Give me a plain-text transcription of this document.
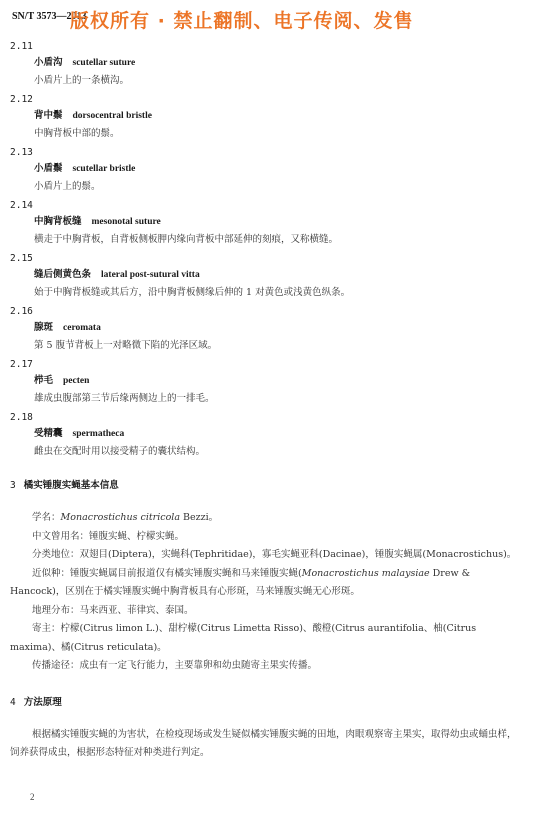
SN/T 3573—2013
版权所有 · 禁止翻制、电子传阅、发售
2.11
小盾沟 scutellar suture
小盾片上的一条横沟。
2.12
背中鬃 dorsocentral bristle
中胸背板中部的鬃。
2.13
小盾鬃 scutellar bristle
小盾片上的鬃。
2.14
中胸背板缝 mesonotal suture
横走于中胸背板，自背板侧板胛内缘向背板中部延伸的刻痕，又称横缝。
2.15
缝后侧黄色条 lateral post-sutural vitta
始于中胸背板缝或其后方，沿中胸背板侧缘后伸的 1 对黄色或浅黄色纵条。
2.16
腺斑 ceromata
第 5 腹节背板上一对略微下陷的光泽区域。
2.17
栉毛 pecten
雄成虫腹部第三节后缘两侧边上的一排毛。
2.18
受精囊 spermatheca
雌虫在交配时用以接受精子的囊状结构。
3 橘实锤腹实蝇基本信息

学名：Monacrostichus citricola Bezzi。

中文曾用名：锤腹实蝇、柠檬实蝇。

分类地位：双翅目(Diptera)，实蝇科(Tephritidae)，寡毛实蝇亚科(Dacinae)，锤腹实蝇属(Monacrostichus)。

近似种：锤腹实蝇属目前报道仅有橘实锤腹实蝇和马来锤腹实蝇(Monacrostichus malaysiae Drew & Hancock)，区别在于橘实锤腹实蝇中胸背板具有心形斑，马来锤腹实蝇无心形斑。

地理分布：马来西亚、菲律宾、泰国。

寄主：柠檬(Citrus limon L.)、甜柠檬(Citrus Limetta Risso)、酸橙(Citrus aurantifolia、柚(Citrus maxima)、橘(Citrus reticulata)。

传播途径：成虫有一定飞行能力，主要靠卵和幼虫随寄主果实传播。

4 方法原理

根据橘实锤腹实蝇的为害状，在检疫现场或发生疑似橘实锤腹实蝇的田地，肉眼观察寄主果实，取得幼虫或蛹虫样，饲养获得成虫，根据形态特征对种类进行判定。

2
